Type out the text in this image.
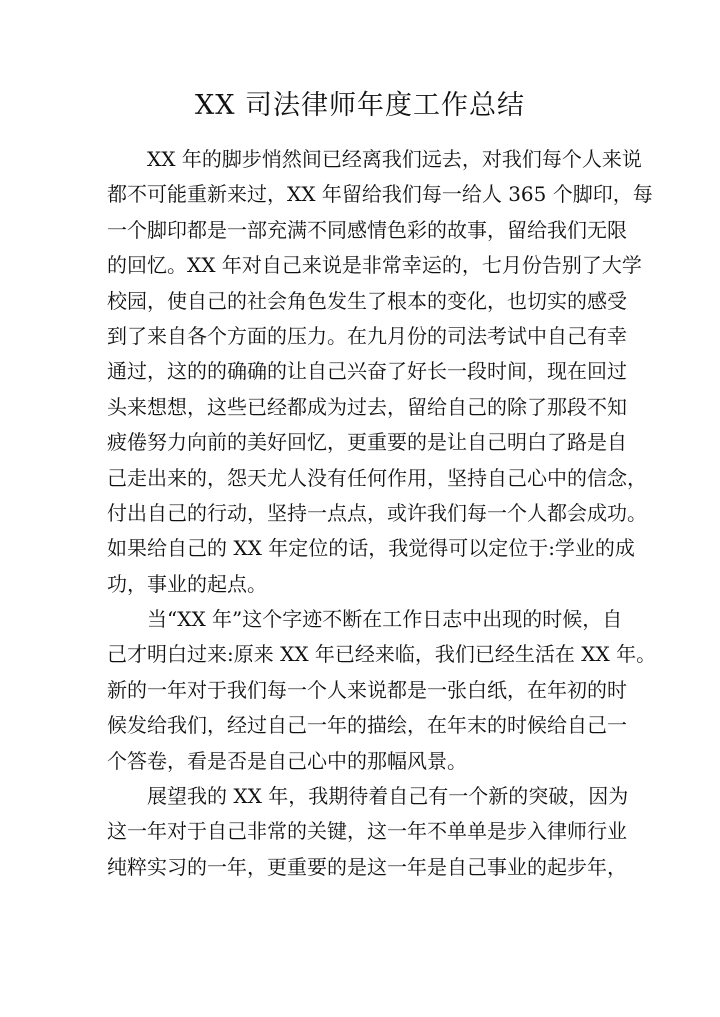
XX 司法律师年度工作总结
XX 年的脚步悄然间已经离我们远去，对我们每个人来说
都不可能重新来过，XX 年留给我们每一给人 365 个脚印，每
一个脚印都是一部充满不同感情色彩的故事，留给我们无限
的回忆。XX 年对自己来说是非常幸运的，七月份告别了大学
校园，使自己的社会角色发生了根本的变化，也切实的感受
到了来自各个方面的压力。在九月份的司法考试中自己有幸
通过，这的的确确的让自己兴奋了好长一段时间，现在回过
头来想想，这些已经都成为过去，留给自己的除了那段不知
疲倦努力向前的美好回忆，更重要的是让自己明白了路是自
己走出来的，怨天尤人没有任何作用，坚持自己心中的信念，
付出自己的行动，坚持一点点，或许我们每一个人都会成功。
如果给自己的 XX 年定位的话，我觉得可以定位于:学业的成
功，事业的起点。
当“XX 年”这个字迹不断在工作日志中出现的时候，自
己才明白过来:原来 XX 年已经来临，我们已经生活在 XX 年。
新的一年对于我们每一个人来说都是一张白纸，在年初的时
候发给我们，经过自己一年的描绘，在年末的时候给自己一
个答卷，看是否是自己心中的那幅风景。
展望我的 XX 年，我期待着自己有一个新的突破，因为
这一年对于自己非常的关键，这一年不单单是步入律师行业
纯粹实习的一年，更重要的是这一年是自己事业的起步年，
